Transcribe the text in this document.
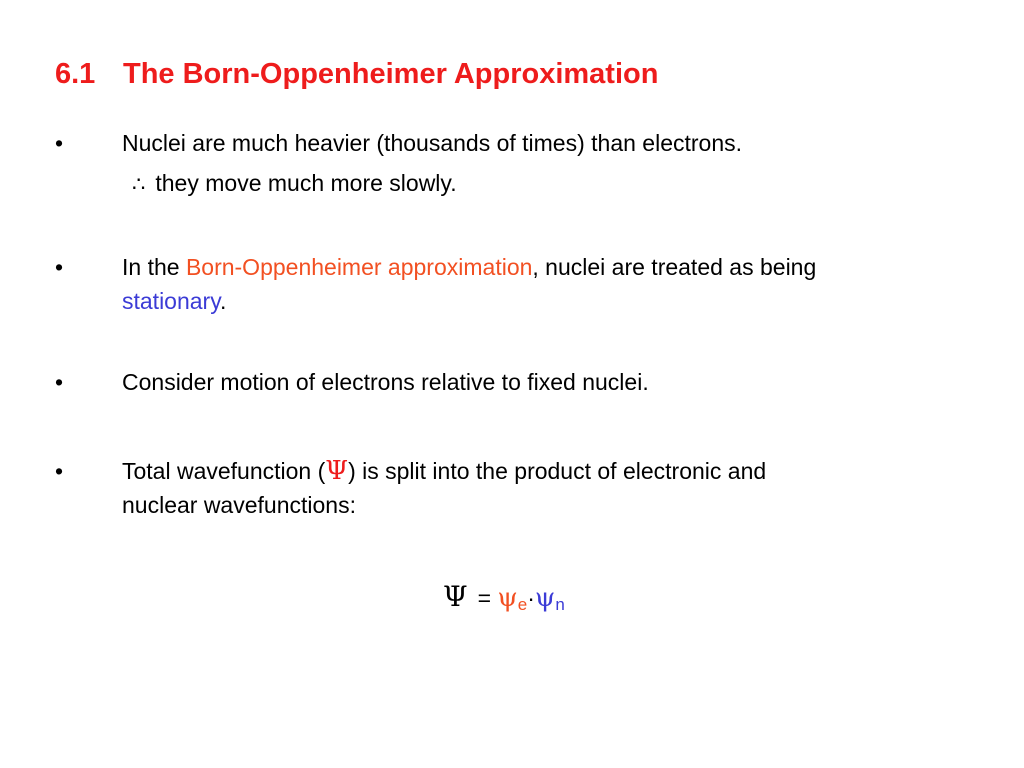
6.1 The Born-Oppenheimer Approximation
•	Nuclei are much heavier (thousands of times) than electrons.
∴ they move much more slowly.
•	In the Born-Oppenheimer approximation, nuclei are treated as being
stationary.
•	Consider motion of electrons relative to fixed nuclei.
•	Total wavefunction (Ψ) is split into the product of electronic and
nuclear wavefunctions:
Ψ = ψe·ψn
